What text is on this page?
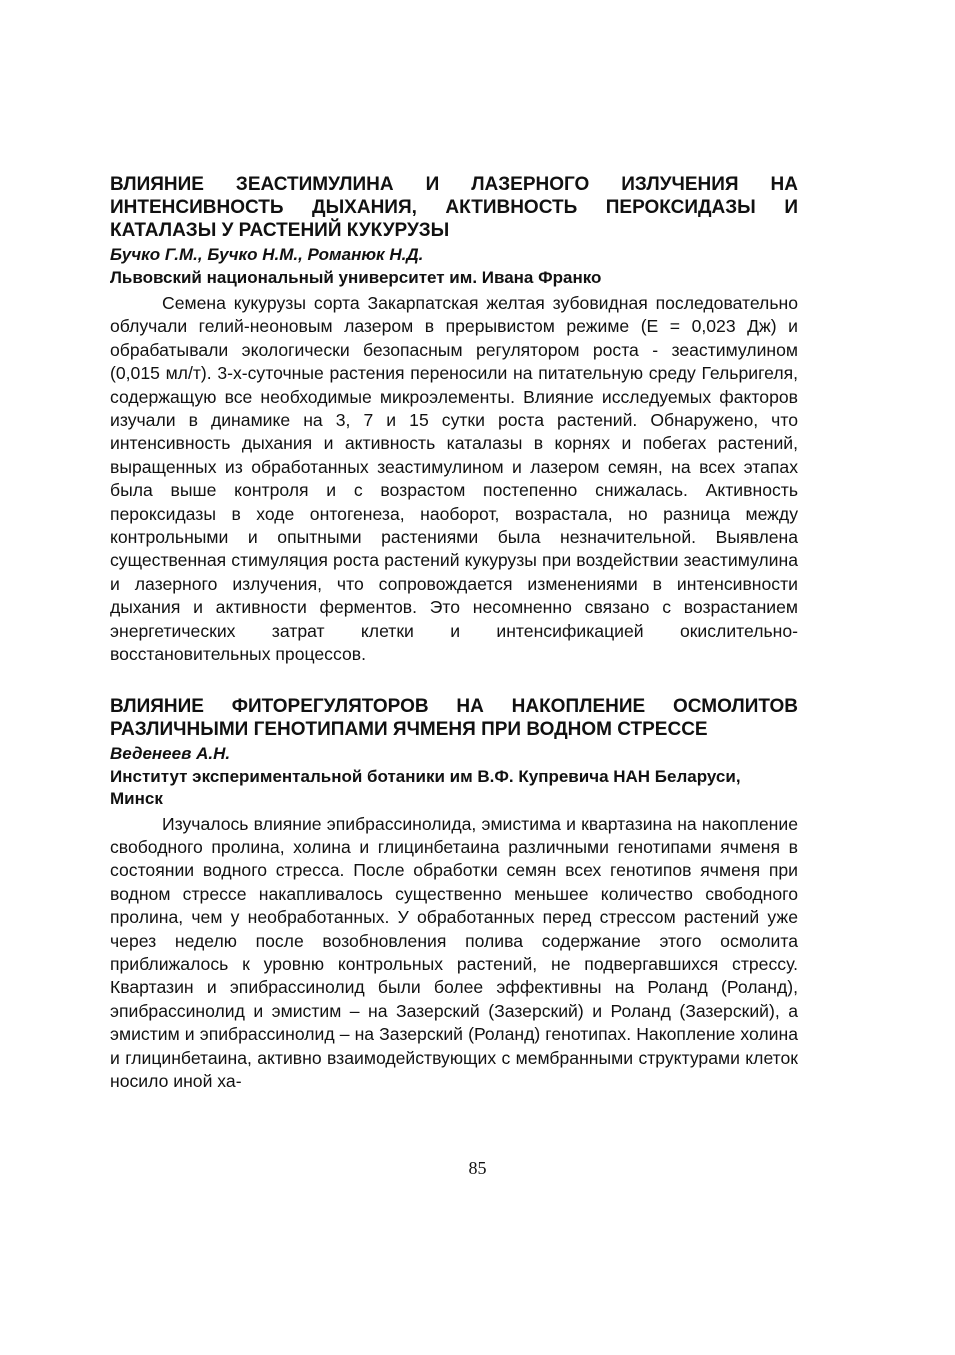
ВЛИЯНИЕ ЗЕАСТИМУЛИНА И ЛАЗЕРНОГО ИЗЛУЧЕНИЯ НА ИНТЕНСИВНОСТЬ ДЫХАНИЯ, АКТИВНОСТЬ ПЕРОКСИДАЗЫ И КАТАЛАЗЫ У РАСТЕНИЙ КУКУРУЗЫ

Бучко Г.М., Бучко Н.М., Романюк Н.Д.

Львовский национальный университет им. Ивана Франко

Семена кукурузы сорта Закарпатская желтая зубовидная последовательно облучали гелий-неоновым лазером в прерывистом режиме (Е = 0,023 Дж) и обрабатывали экологически безопасным регулятором роста - зеастимулином (0,015 мл/т). 3-х-суточные растения переносили на питательную среду Гельригеля, содержащую все необходимые микроэлементы. Влияние исследуемых факторов изучали в динамике на 3, 7 и 15 сутки роста растений. Обнаружено, что интенсивность дыхания и активность каталазы в корнях и побегах растений, выращенных из обработанных зеастимулином и лазером семян, на всех этапах была выше контроля и с возрастом постепенно снижалась. Активность пероксидазы в ходе онтогенеза, наоборот, возрастала, но разница между контрольными и опытными растениями была незначительной. Выявлена существенная стимуляция роста растений кукурузы при воздействии зеастимулина и лазерного излучения, что сопровождается изменениями в интенсивности дыхания и активности ферментов. Это несомненно связано с возрастанием энергетических затрат клетки и интенсификацией окислительно-восстановительных процессов.

ВЛИЯНИЕ ФИТОРЕГУЛЯТОРОВ НА НАКОПЛЕНИЕ ОСМОЛИТОВ РАЗЛИЧНЫМИ ГЕНОТИПАМИ ЯЧМЕНЯ ПРИ ВОДНОМ СТРЕССЕ

Веденеев А.Н.

Институт экспериментальной ботаники им В.Ф. Купревича НАН Беларуси, Минск

Изучалось влияние эпибрассинолида, эмистима и квартазина на накопление свободного пролина, холина и глицинбетаина различными генотипами ячменя в состоянии водного стресса. После обработки семян всех генотипов ячменя при водном стрессе накапливалось существенно меньшее количество свободного пролина, чем у необработанных. У обработанных перед стрессом растений уже через неделю после возобновления полива содержание этого осмолита приближалось к уровню контрольных растений, не подвергавшихся стрессу. Квартазин и эпибрассинолид были более эффективны на Роланд (Роланд), эпибрассинолид и эмистим – на Зазерский (Зазерский) и Роланд (Зазерский), а эмистим и эпибрассинолид – на Зазерский (Роланд) генотипах. Накопление холина и глицинбетаина, активно взаимодействующих с мембранными структурами клеток носило иной ха-

85
